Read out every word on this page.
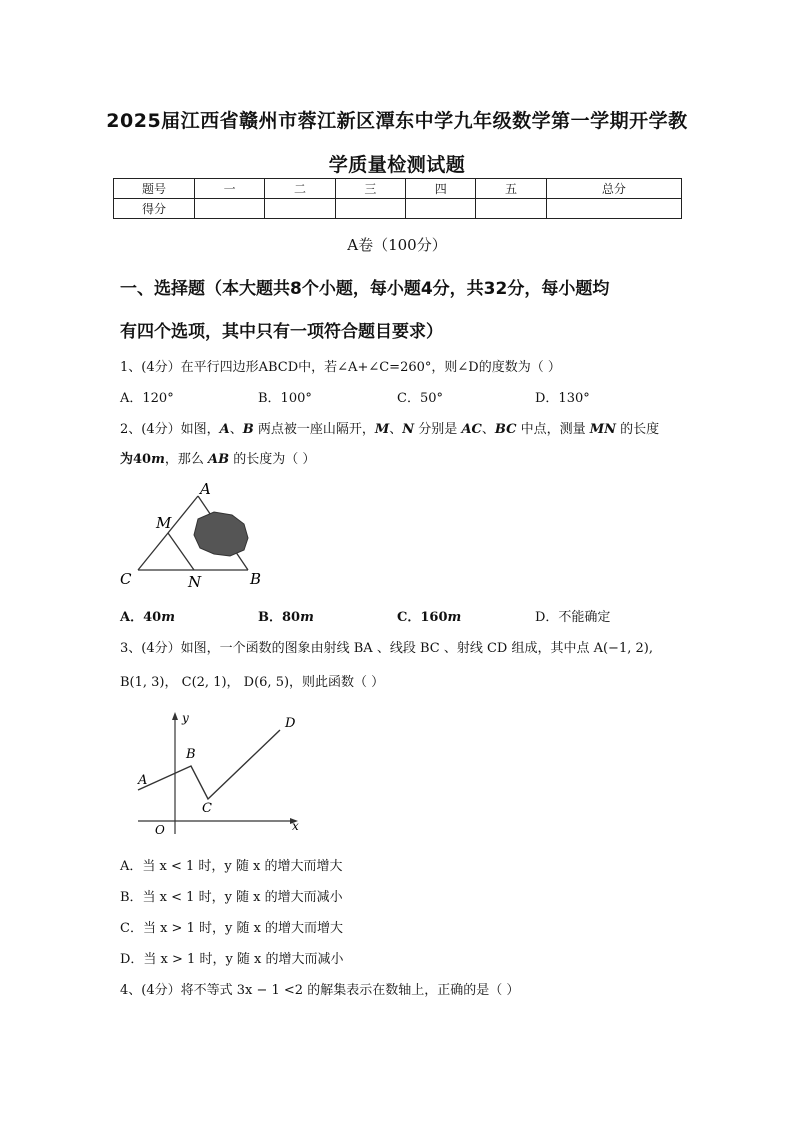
2025届江西省赣州市蓉江新区潭东中学九年级数学第一学期开学教
学质量检测试题
题号	一	二	三	四	五	总分
得分						
A卷（100分）
一、选择题（本大题共8个小题，每小题4分，共32分，每小题均
有四个选项，其中只有一项符合题目要求）
1、(4分）在平行四边形ABCD中，若∠A+∠C=260°，则∠D的度数为（ ）
A．120°	B．100°	C．50°	D．130°
2、(4分）如图，A、B 两点被一座山隔开，M、N 分别是 AC、BC 中点，测量 MN 的长度
为40m，那么 AB 的长度为（ ）
A
M
C	N	B
A．40m	B．80m	C．160m	D．不能确定
3、(4分）如图，一个函数的图象由射线 BA 、线段 BC 、射线 CD 组成，其中点 A(−1, 2),
B(1, 3)， C(2, 1)， D(6, 5)，则此函数（ ）
y
B
D
A
C
O	x
A．当 x < 1 时，y 随 x 的增大而增大
B．当 x < 1 时，y 随 x 的增大而减小
C．当 x > 1 时，y 随 x 的增大而增大
D．当 x > 1 时，y 随 x 的增大而减小
4、(4分）将不等式 3x − 1 <2 的解集表示在数轴上，正确的是（ ）
